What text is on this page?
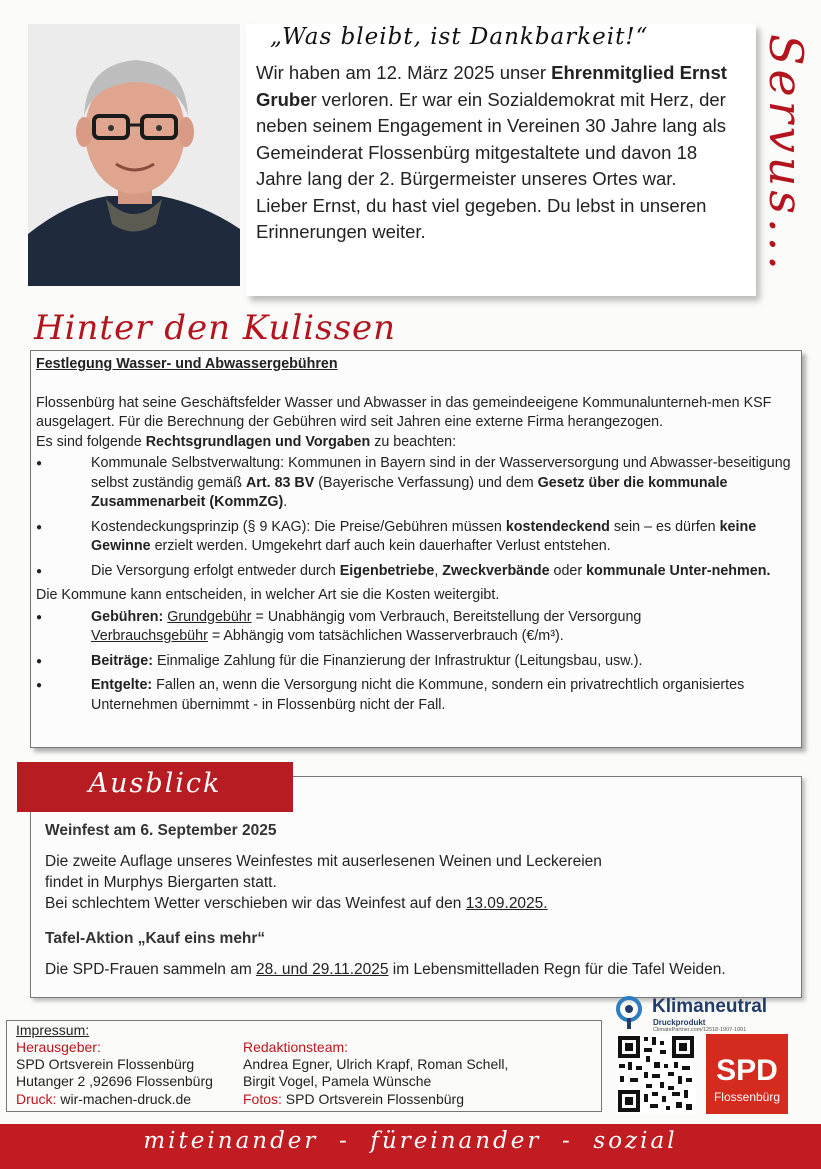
„Was bleibt, ist Dankbarkeit!“
Wir haben am 12. März 2025 unser Ehrenmitglied Ernst Gruber verloren. Er war ein Sozialdemokrat mit Herz, der neben seinem Engagement in Vereinen 30 Jahre lang als Gemeinderat Flossenbürg mitgestaltete und davon 18 Jahre lang der 2. Bürgermeister unseres Ortes war.
Lieber Ernst, du hast viel gegeben. Du lebst in unseren Erinnerungen weiter.	Servus...
Hinter den Kulissen
Festlegung Wasser- und Abwassergebühren

Flossenbürg hat seine Geschäftsfelder Wasser und Abwasser in das gemeindeeigene Kommunalunterneh-men KSF ausgelagert. Für die Berechnung der Gebühren wird seit Jahren eine externe Firma herangezogen.

Es sind folgende Rechtsgrundlagen und Vorgaben zu beachten:

● Kommunale Selbstverwaltung: Kommunen in Bayern sind in der Wasserversorgung und Abwasser-beseitigung selbst zuständig gemäß Art. 83 BV (Bayerische Verfassung) und dem Gesetz über die kommunale Zusammenarbeit (KommZG).
● Kostendeckungsprinzip (§ 9 KAG): Die Preise/Gebühren müssen kostendeckend sein – es dürfen keine Gewinne erzielt werden. Umgekehrt darf auch kein dauerhafter Verlust entstehen.
● Die Versorgung erfolgt entweder durch Eigenbetriebe, Zweckverbände oder kommunale Unter-nehmen.

Die Kommune kann entscheiden, in welcher Art sie die Kosten weitergibt.

● Gebühren: Grundgebühr = Unabhängig vom Verbrauch, Bereitstellung der Versorgung
Verbrauchsgebühr = Abhängig vom tatsächlichen Wasserverbrauch (€/m³).
● Beiträge: Einmalige Zahlung für die Finanzierung der Infrastruktur (Leitungsbau, usw.).
● Entgelte: Fallen an, wenn die Versorgung nicht die Kommune, sondern ein privatrechtlich organisiertes Unternehmen übernimmt - in Flossenbürg nicht der Fall.
Ausblick
Weinfest am 6. September 2025
Die zweite Auflage unseres Weinfestes mit auserlesenen Weinen und Leckereien
findet in Murphys Biergarten statt.
Bei schlechtem Wetter verschieben wir das Weinfest auf den 13.09.2025.
Tafel-Aktion „Kauf eins mehr“
Die SPD-Frauen sammeln am 28. und 29.11.2025 im Lebensmittelladen Regn für die Tafel Weiden.
Impressum:
Herausgeber:
SPD Ortsverein Flossenbürg
Hutanger 2 ,92696 Flossenbürg
Druck: wir-machen-druck.de
Redaktionsteam:
Andrea Egner, Ulrich Krapf, Roman Schell,
Birgit Vogel, Pamela Wünsche
Fotos: SPD Ortsverein Flossenbürg
Klimaneutral
Druckprodukt
ClimatePartner.com/12518-1907-1001
SPD
Flossenbürg
miteinander  -  füreinander  -  sozial
